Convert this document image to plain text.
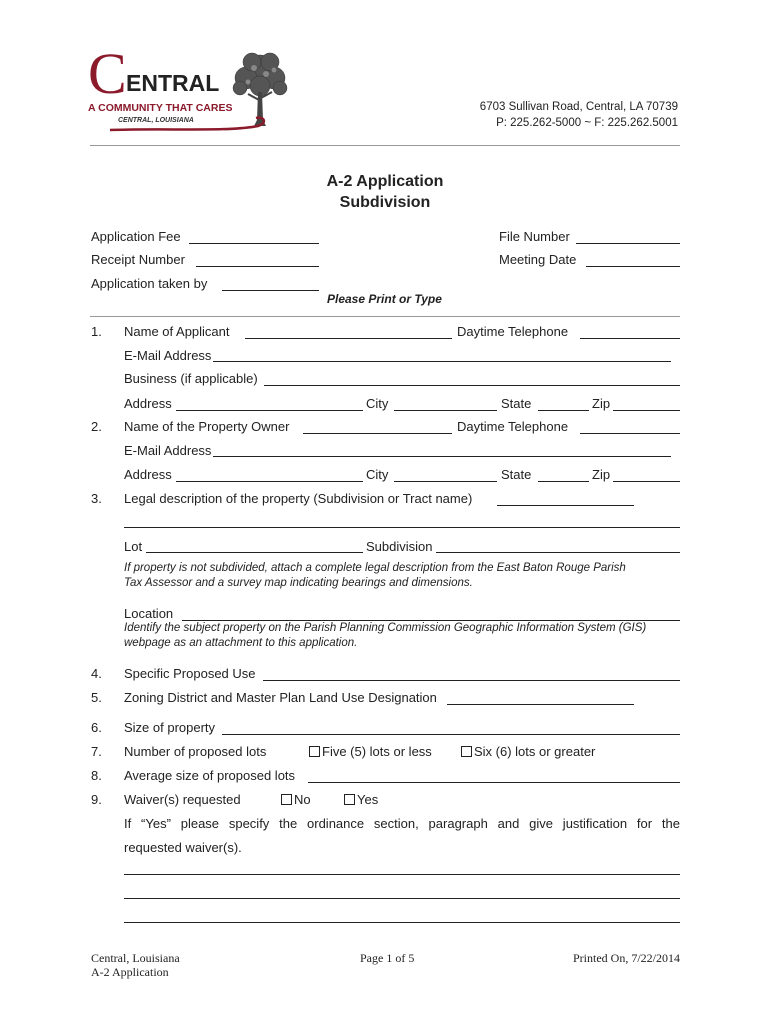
C ENTRAL
A COMMUNITY THAT CARES
CENTRAL, LOUISIANA
6703 Sullivan Road, Central, LA 70739
P: 225.262-5000 ~ F: 225.262.5001
A-2 Application
Subdivision
Application Fee	File Number
Receipt Number	Meeting Date
Application taken by
Please Print or Type
1. Name of Applicant	Daytime Telephone
E-Mail Address
Business (if applicable)
Address	City	State	Zip
2. Name of the Property Owner	Daytime Telephone
E-Mail Address
Address	City	State	Zip
3. Legal description of the property (Subdivision or Tract name)
Lot	Subdivision
If property is not subdivided, attach a complete legal description from the East Baton Rouge Parish
Tax Assessor and a survey map indicating bearings and dimensions.
Location
Identify the subject property on the Parish Planning Commission Geographic Information System (GIS)
webpage as an attachment to this application.
4. Specific Proposed Use
5. Zoning District and Master Plan Land Use Designation
6. Size of property
7. Number of proposed lots	Five (5) lots or less	Six (6) lots or greater
8. Average size of proposed lots
9. Waiver(s) requested	No	Yes
If “Yes” please specify the ordinance section, paragraph and give justification for the
requested waiver(s).
Central, Louisiana
A-2 Application
Page 1 of 5	Printed On, 7/22/2014
